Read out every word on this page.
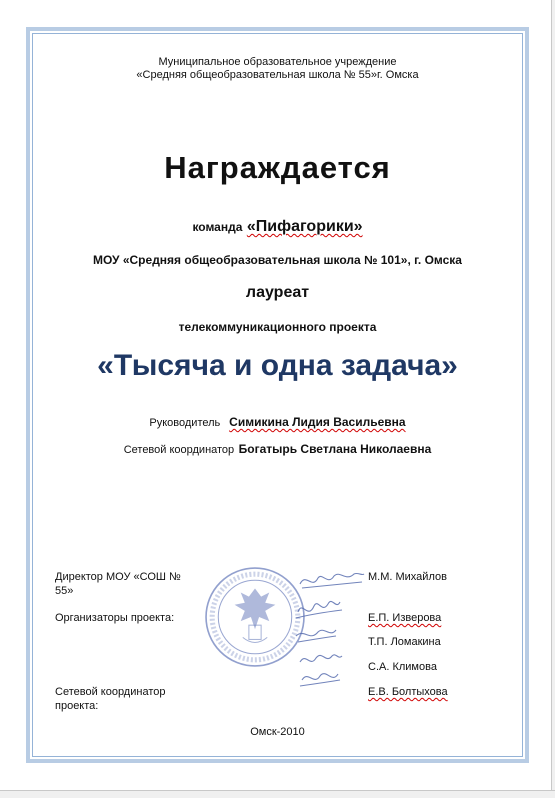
Муниципальное образовательное учреждение
«Средняя общеобразовательная школа № 55»г. Омска
Награждается
команда «Пифагорики»
МОУ «Средняя общеобразовательная школа № 101», г. Омска
лауреат
телекоммуникационного проекта
«Тысяча и одна задача»
Руководитель Симикина Лидия Васильевна
Сетевой координатор Богатырь Светлана Николаевна
Директор МОУ «СОШ №
55»
М.М. Михайлов
Организаторы проекта:	Е.П. Изверова
Т.П. Ломакина
С.А. Климова
Сетевой координатор
проекта:
Е.В. Болтыхова
Омск-2010
